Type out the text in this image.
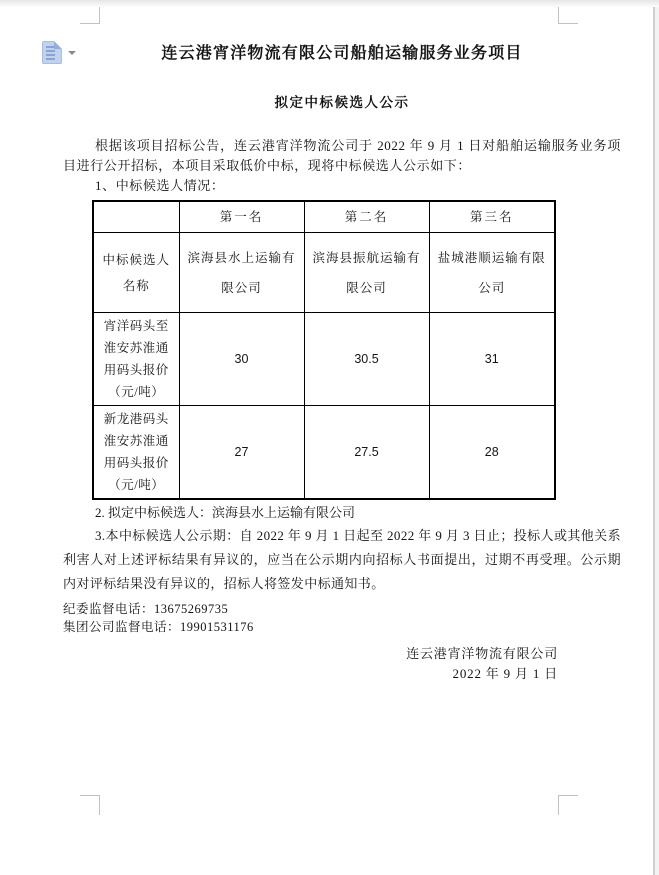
连云港宵洋物流有限公司船舶运输服务业务项目
拟定中标候选人公示

根据该项目招标公告，连云港宵洋物流公司于 2022 年 9 月 1 日对船舶运输服务业务项目进行公开招标，本项目采取低价中标，现将中标候选人公示如下：

1、中标候选人情况：

	第一名	第二名	第三名
中标候选人名称	滨海县水上运输有限公司	滨海县振航运输有限公司	盐城港顺运输有限公司
宵洋码头至淮安苏淮通用码头报价（元/吨）	30	30.5	31
新龙港码头淮安苏淮通用码头报价（元/吨）	27	27.5	28

2. 拟定中标候选人：滨海县水上运输有限公司

3.本中标候选人公示期：自 2022 年 9 月 1 日起至 2022 年 9 月 3 日止；投标人或其他关系利害人对上述评标结果有异议的，应当在公示期内向招标人书面提出，过期不再受理。公示期内对评标结果没有异议的，招标人将签发中标通知书。

纪委监督电话：13675269735

集团公司监督电话：19901531176

连云港宵洋物流有限公司

2022 年 9 月 1 日
